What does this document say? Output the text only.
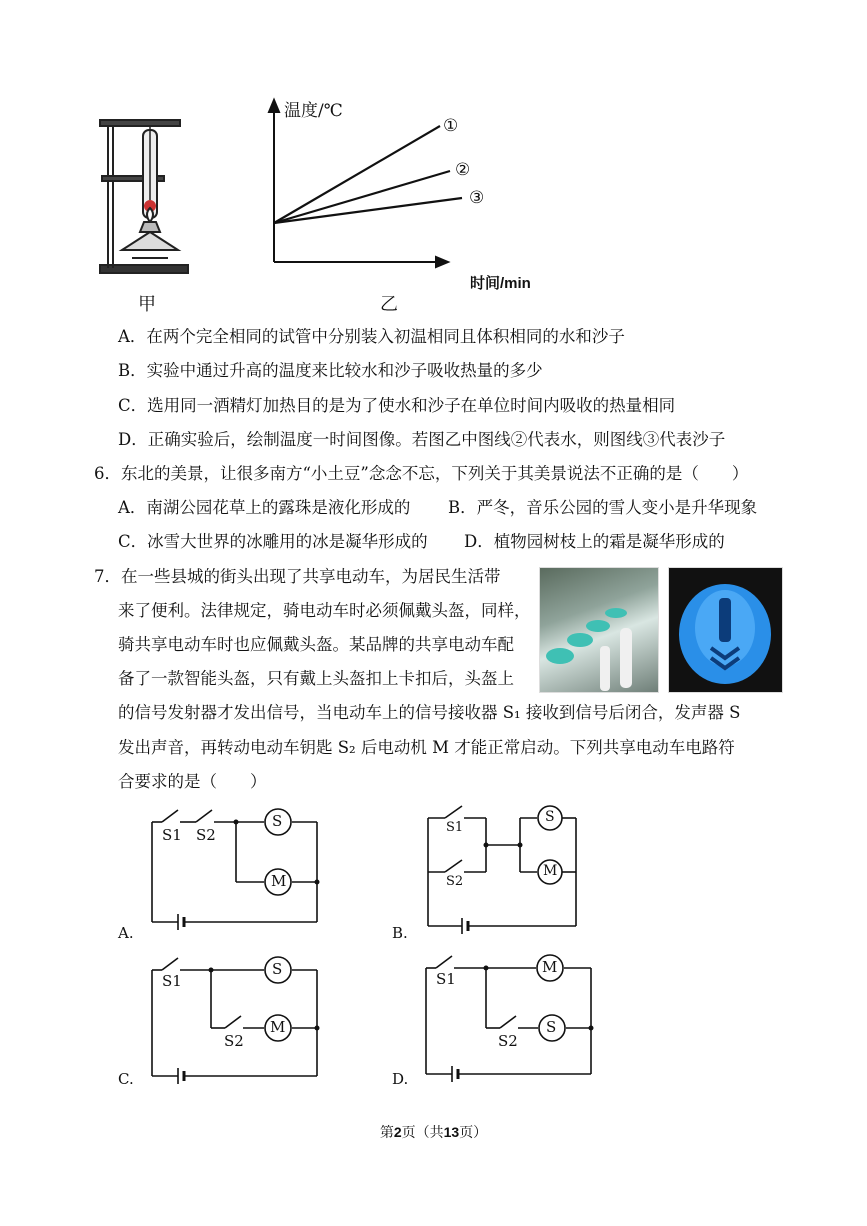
甲
温度/℃
时间/min
①
②
③
乙
A．在两个完全相同的试管中分别装入初温相同且体积相同的水和沙子
B．实验中通过升高的温度来比较水和沙子吸收热量的多少
C．选用同一酒精灯加热目的是为了使水和沙子在单位时间内吸收的热量相同
D．正确实验后，绘制温度一时间图像。若图乙中图线②代表水，则图线③代表沙子
6．东北的美景，让很多南方“小土豆”念念不忘，下列关于其美景说法不正确的是（　　）
A．南湖公园花草上的露珠是液化形成的 B．严冬，音乐公园的雪人变小是升华现象
C．冰雪大世界的冰雕用的冰是凝华形成的 D．植物园树枝上的霜是凝华形成的
7．在一些县城的街头出现了共享电动车，为居民生活带
来了便利。法律规定，骑电动车时必须佩戴头盔，同样，
骑共享电动车时也应佩戴头盔。某品牌的共享电动车配
备了一款智能头盔，只有戴上头盔扣上卡扣后，头盔上
的信号发射器才发出信号，当电动车上的信号接收器 S₁ 接收到信号后闭合，发声器 S
发出声音，再转动电动车钥匙 S₂ 后电动机 M 才能正常启动。下列共享电动车电路符
合要求的是（　　）
S1 S2
S
M
A.
S1
S2
S
M
B.
S1
S2
S
M
C.
S1
S2
M
S
D.
第2页（共13页）
